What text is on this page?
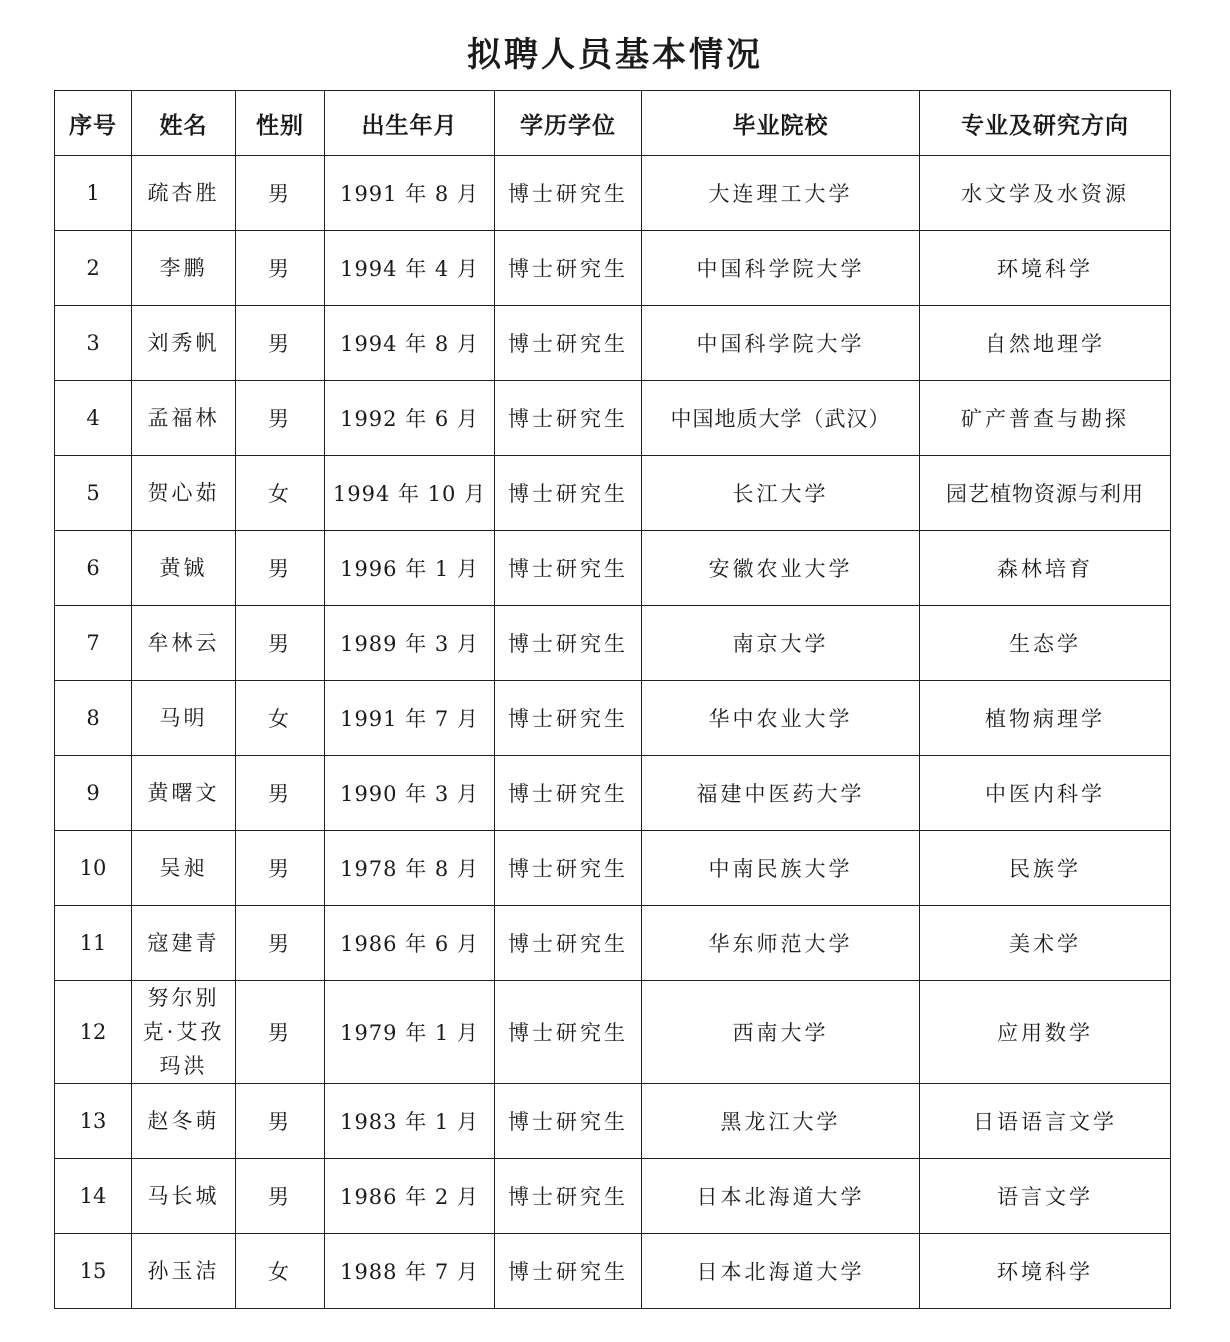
拟聘人员基本情况
序号	姓名	性别	出生年月	学历学位	毕业院校	专业及研究方向
1	疏杏胜	男	1991 年 8 月	博士研究生	大连理工大学	水文学及水资源
2	李鹏	男	1994 年 4 月	博士研究生	中国科学院大学	环境科学
3	刘秀帆	男	1994 年 8 月	博士研究生	中国科学院大学	自然地理学
4	孟福林	男	1992 年 6 月	博士研究生	中国地质大学（武汉）	矿产普查与勘探
5	贺心茹	女	1994 年 10 月	博士研究生	长江大学	园艺植物资源与利用
6	黄铖	男	1996 年 1 月	博士研究生	安徽农业大学	森林培育
7	牟林云	男	1989 年 3 月	博士研究生	南京大学	生态学
8	马明	女	1991 年 7 月	博士研究生	华中农业大学	植物病理学
9	黄曙文	男	1990 年 3 月	博士研究生	福建中医药大学	中医内科学
10	吴昶	男	1978 年 8 月	博士研究生	中南民族大学	民族学
11	寇建青	男	1986 年 6 月	博士研究生	华东师范大学	美术学
12	努尔别克·艾孜玛洪	男	1979 年 1 月	博士研究生	西南大学	应用数学
13	赵冬萌	男	1983 年 1 月	博士研究生	黑龙江大学	日语语言文学
14	马长城	男	1986 年 2 月	博士研究生	日本北海道大学	语言文学
15	孙玉洁	女	1988 年 7 月	博士研究生	日本北海道大学	环境科学
